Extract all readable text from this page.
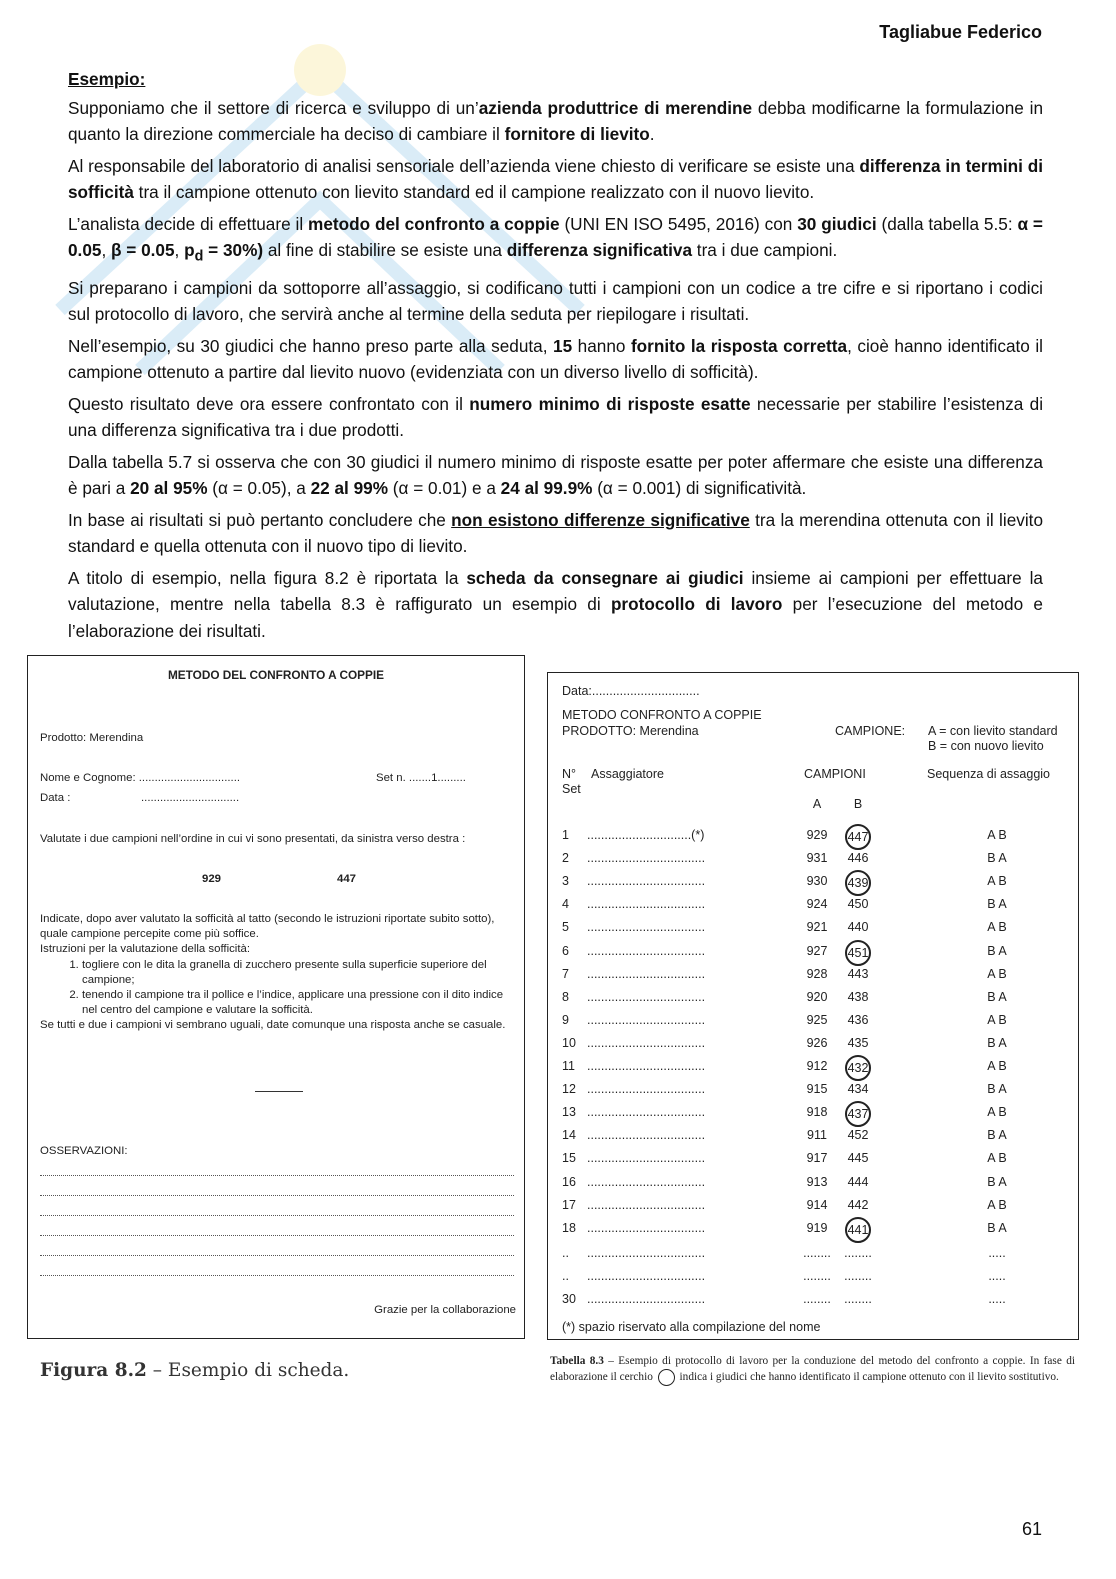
Tagliabue Federico

Esempio:

Supponiamo che il settore di ricerca e sviluppo di un’azienda produttrice di merendine debba modificarne la formulazione in quanto la direzione commerciale ha deciso di cambiare il fornitore di lievito.

Al responsabile del laboratorio di analisi sensoriale dell’azienda viene chiesto di verificare se esiste una differenza in termini di sofficità tra il campione ottenuto con lievito standard ed il campione realizzato con il nuovo lievito.

L’analista decide di effettuare il metodo del confronto a coppie (UNI EN ISO 5495, 2016) con 30 giudici (dalla tabella 5.5: α = 0.05, β = 0.05, $p_d = 30\%$) al fine di stabilire se esiste una differenza significativa tra i due campioni.

Si preparano i campioni da sottoporre all’assaggio, si codificano tutti i campioni con un codice a tre cifre e si riportano i codici sul protocollo di lavoro, che servirà anche al termine della seduta per riepilogare i risultati.

Nell’esempio, su 30 giudici che hanno preso parte alla seduta, 15 hanno fornito la risposta corretta, cioè hanno identificato il campione ottenuto a partire dal lievito nuovo (evidenziata con un diverso livello di sofficità).

Questo risultato deve ora essere confrontato con il numero minimo di risposte esatte necessarie per stabilire l’esistenza di una differenza significativa tra i due prodotti.

Dalla tabella 5.7 si osserva che con 30 giudici il numero minimo di risposte esatte per poter affermare che esiste una differenza è pari a 20 al 95% (α = 0.05), a 22 al 99% (α = 0.01) e a 24 al 99.9% (α = 0.001) di significatività.

In base ai risultati si può pertanto concludere che non esistono differenze significative tra la merendina ottenuta con il lievito standard e quella ottenuta con il nuovo tipo di lievito.

A titolo di esempio, nella figura 8.2 è riportata la scheda da consegnare ai giudici insieme ai campioni per effettuare la valutazione, mentre nella tabella 8.3 è raffigurato un esempio di protocollo di lavoro per l’esecuzione del metodo e l’elaborazione dei risultati.

METODO DEL CONFRONTO A COPPIE
Prodotto: Merendina
Nome e Cognome: ................................	Set n. .......1.........
Data :	...............................
Valutate i due campioni nell’ordine in cui vi sono presentati, da sinistra verso destra :
929	447
Indicate, dopo aver valutato la sofficità al tatto (secondo le istruzioni riportate subito sotto), quale campione percepite come più soffice.
Istruzioni per la valutazione della sofficità:
1. togliere con le dita la granella di zucchero presente sulla superficie superiore del campione;
2. tenendo il campione tra il pollice e l’indice, applicare una pressione con il dito indice nel centro del campione e valutare la sofficità.
Se tutti e due i campioni vi sembrano uguali, date comunque una risposta anche se casuale.
OSSERVAZIONI:
Grazie per la collaborazione
Figura 8.2 – Esempio di scheda.
Data:...............................
METODO CONFRONTO A COPPIE
PRODOTTO: Merendina	CAMPIONE: A = con lievito standard
B = con nuovo lievito
N°
Set
Assaggiatore	CAMPIONI	Sequenza di assaggio
A	B
1 ..............................(*)	929	447	A B
2 ..................................	931	446	B A
3 ..................................	930	439	A B
4 ..................................	924	450	B A
5 ..................................	921	440	A B
6 ..................................	927	451	B A
7 ..................................	928	443	A B
8 ..................................	920	438	B A
9 ..................................	925	436	A B
10 ..................................	926	435	B A
11 ..................................	912	432	A B
12 ..................................	915	434	B A
13 ..................................	918	437	A B
14 ..................................	911	452	B A
15 ..................................	917	445	A B
16 ..................................	913	444	B A
17 ..................................	914	442	A B
18 ..................................	919	441	B A
.. ..................................	........ ........	.....
.. ..................................	........ ........	.....
30 ..................................	........ ........	.....
(*) spazio riservato alla compilazione del nome
Tabella 8.3 – Esempio di protocollo di lavoro per la conduzione del metodo del confronto a coppie. In fase di elaborazione il cerchio  indica i giudici che hanno identificato il campione ottenuto con il lievito sostitutivo.
61
